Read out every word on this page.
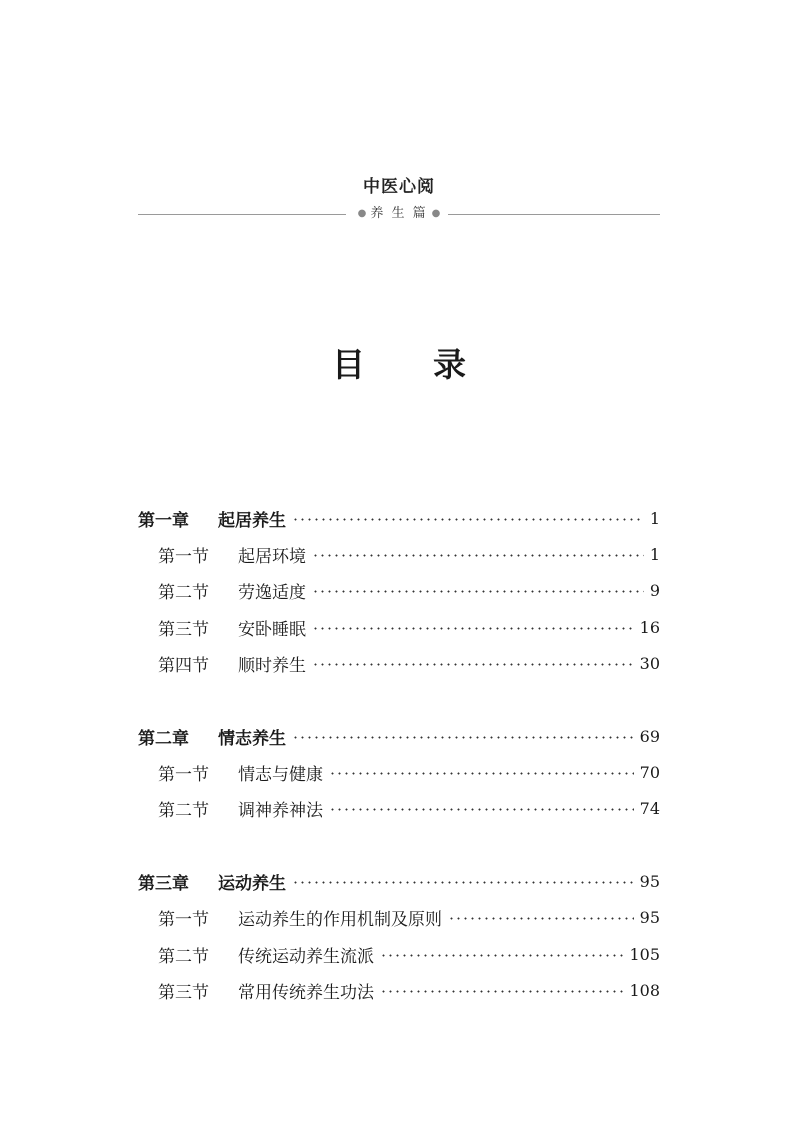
中医心阅
● 养 生 篇 ●
目 录
第一章	起居养生	1
第一节	起居环境	1
第二节	劳逸适度	9
第三节	安卧睡眠	16
第四节	顺时养生	30
第二章	情志养生	69
第一节	情志与健康	70
第二节	调神养神法	74
第三章	运动养生	95
第一节	运动养生的作用机制及原则	95
第二节	传统运动养生流派	105
第三节	常用传统养生功法	108
